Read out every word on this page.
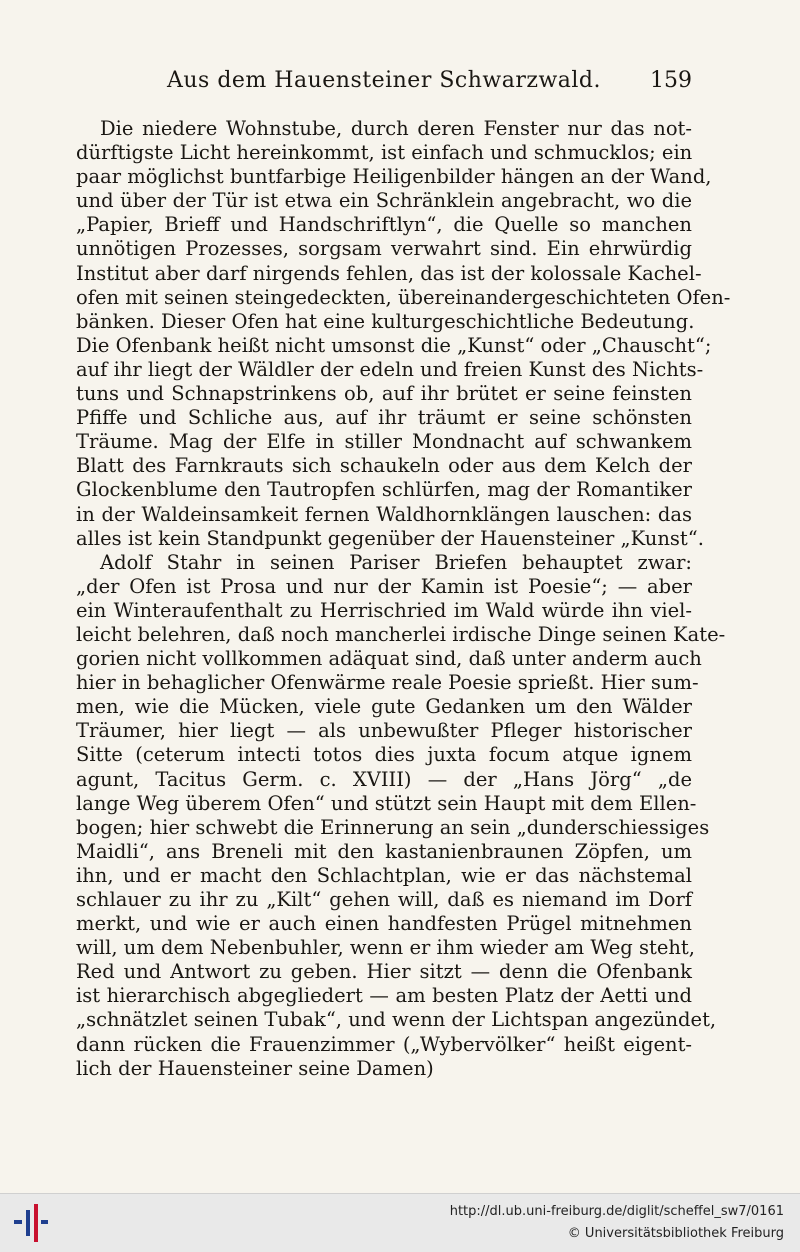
Aus dem Hauensteiner Schwarzwald.	159
Die niedere Wohnstube, durch deren Fenster nur das not-
dürftigste Licht hereinkommt, ist einfach und schmucklos; ein
paar möglichst buntfarbige Heiligenbilder hängen an der Wand,
und über der Tür ist etwa ein Schränklein angebracht, wo die
„Papier, Brieff und Handschriftlyn“, die Quelle so manchen
unnötigen Prozesses, sorgsam verwahrt sind. Ein ehrwürdig
Institut aber darf nirgends fehlen, das ist der kolossale Kachel-
ofen mit seinen steingedeckten, übereinandergeschichteten Ofen-
bänken. Dieser Ofen hat eine kulturgeschichtliche Bedeutung.
Die Ofenbank heißt nicht umsonst die „Kunst“ oder „Chauscht“;
auf ihr liegt der Wäldler der edeln und freien Kunst des Nichts-
tuns und Schnapstrinkens ob, auf ihr brütet er seine feinsten
Pfiffe und Schliche aus, auf ihr träumt er seine schönsten
Träume. Mag der Elfe in stiller Mondnacht auf schwankem
Blatt des Farnkrauts sich schaukeln oder aus dem Kelch der
Glockenblume den Tautropfen schlürfen, mag der Romantiker
in der Waldeinsamkeit fernen Waldhornklängen lauschen: das
alles ist kein Standpunkt gegenüber der Hauensteiner „Kunst“.
Adolf Stahr in seinen Pariser Briefen behauptet zwar:
„der Ofen ist Prosa und nur der Kamin ist Poesie“; — aber
ein Winteraufenthalt zu Herrischried im Wald würde ihn viel-
leicht belehren, daß noch mancherlei irdische Dinge seinen Kate-
gorien nicht vollkommen adäquat sind, daß unter anderm auch
hier in behaglicher Ofenwärme reale Poesie sprießt. Hier sum-
men, wie die Mücken, viele gute Gedanken um den Wälder
Träumer, hier liegt — als unbewußter Pfleger historischer
Sitte (ceterum intecti totos dies juxta focum atque ignem
agunt, Tacitus Germ. c. XVIII) — der „Hans Jörg“ „de
lange Weg überem Ofen“ und stützt sein Haupt mit dem Ellen-
bogen; hier schwebt die Erinnerung an sein „dunderschiessiges
Maidli“, ans Breneli mit den kastanienbraunen Zöpfen, um
ihn, und er macht den Schlachtplan, wie er das nächstemal
schlauer zu ihr zu „Kilt“ gehen will, daß es niemand im Dorf
merkt, und wie er auch einen handfesten Prügel mitnehmen
will, um dem Nebenbuhler, wenn er ihm wieder am Weg steht,
Red und Antwort zu geben. Hier sitzt — denn die Ofenbank
ist hierarchisch abgegliedert — am besten Platz der Aetti und
„schnätzlet seinen Tubak“, und wenn der Lichtspan angezündet,
dann rücken die Frauenzimmer („Wybervölker“ heißt eigent-
lich der Hauensteiner seine Damen)
http://dl.ub.uni-freiburg.de/diglit/scheffel_sw7/0161
© Universitätsbibliothek Freiburg
